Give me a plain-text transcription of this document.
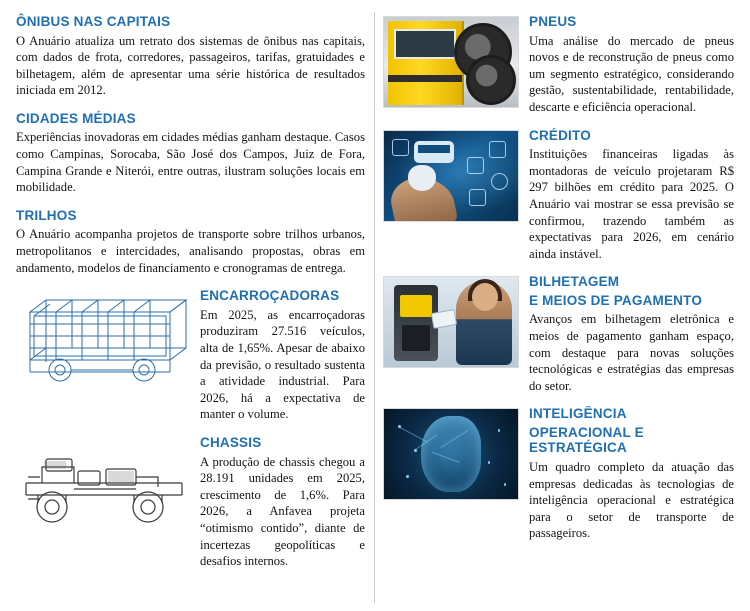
ÔNIBUS NAS CAPITAIS

O Anuário atualiza um retrato dos sistemas de ônibus nas capitais, com dados de frota, corredores, passageiros, tarifas, gratuidades e bilhetagem, além de apresentar uma série histórica de resultados iniciada em 2012.

CIDADES MÉDIAS

Experiências inovadoras em cidades médias ganham destaque. Casos como Campinas, Sorocaba, São José dos Campos, Juiz de Fora, Campina Grande e Niterói, entre outras, ilustram soluções locais em mobilidade.

TRILHOS

O Anuário acompanha projetos de transporte sobre trilhos urbanos, metropolitanos e intercidades, analisando propostas, obras em andamento, modelos de financiamento e cronogramas de entrega.

ENCARROÇADORAS

Em 2025, as encarroçadoras produziram 27.516 veículos, alta de 1,65%. Apesar de abaixo da previsão, o resultado sustenta a atividade industrial. Para 2026, há a expectativa de manter o volume.

CHASSIS

A produção de chassis chegou a 28.191 unidades em 2025, crescimento de 1,6%. Para 2026, a Anfavea projeta “otimismo contido”, diante de incertezas geopolíticas e desafios internos.

PNEUS

Uma análise do mercado de pneus novos e de reconstrução de pneus como um segmento estratégico, considerando gestão, sustentabilidade, rentabilidade, descarte e eficiência operacional.

CRÉDITO

Instituições financeiras ligadas às montadoras de veículo projetaram R$ 297 bilhões em crédito para 2025. O Anuário vai mostrar se essa previsão se confirmou, trazendo também as expectativas para 2026, em cenário ainda instável.

BILHETAGEM
E MEIOS DE PAGAMENTO

Avanços em bilhetagem eletrônica e meios de pagamento ganham espaço, com destaque para novas soluções tecnológicas e estratégias das empresas do setor.

INTELIGÊNCIA
OPERACIONAL E ESTRATÉGICA

Um quadro completo da atuação das empresas dedicadas às tecnologias de inteligência operacional e estratégica para o setor de transporte de passageiros.
